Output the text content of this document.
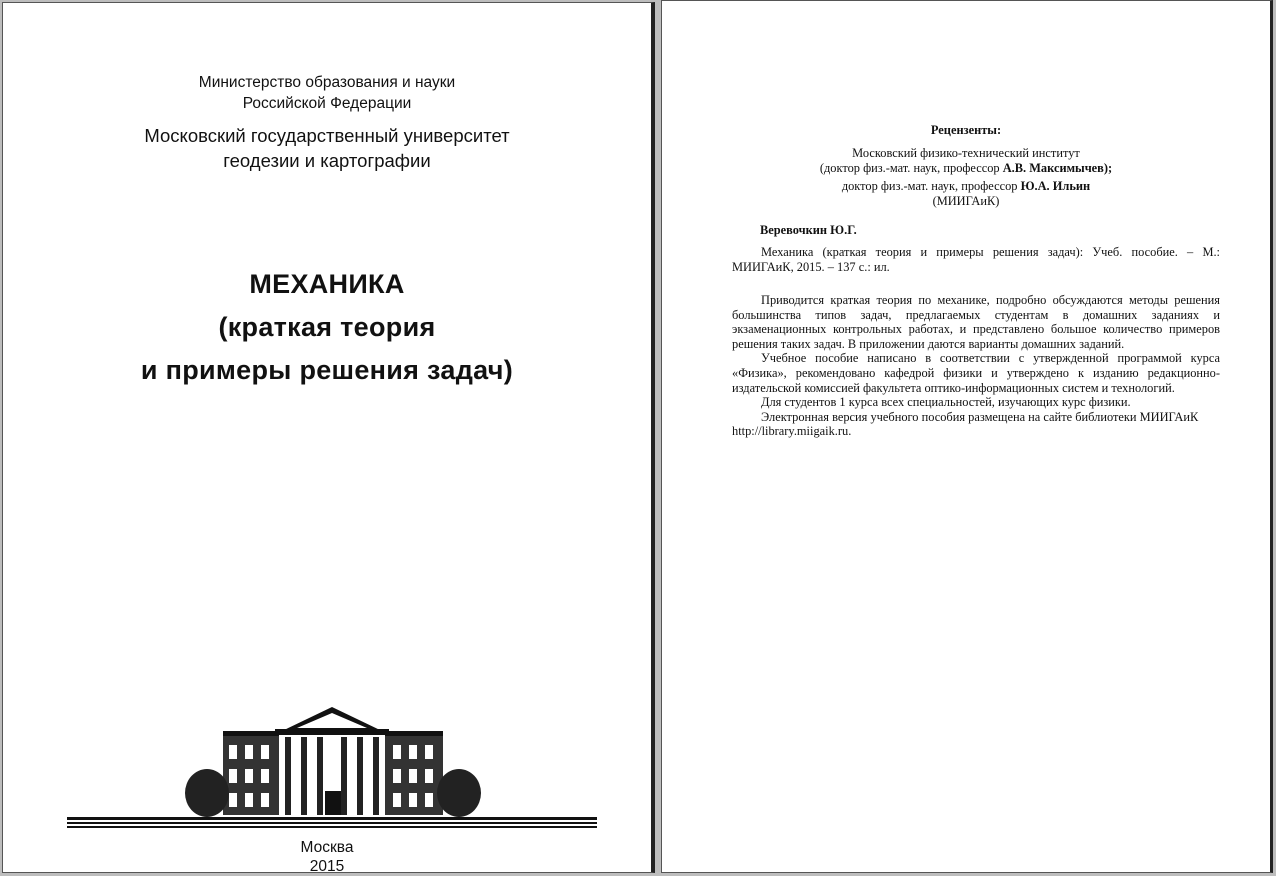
Министерство образования и науки
Российской Федерации
Московский государственный университет
геодезии и картографии
МЕХАНИКА
(краткая теория
и примеры решения задач)
Москва
2015
Рецензенты:
Московский физико-технический институт
(доктор физ.-мат. наук, профессор А.В. Максимычев);
доктор физ.-мат. наук, профессор Ю.А. Ильин
(МИИГАиК)
Веревочкин Ю.Г.

Механика (краткая теория и примеры решения задач): Учеб. пособие. – М.: МИИГАиК, 2015. – 137 с.: ил.

Приводится краткая теория по механике, подробно обсуждаются методы решения большинства типов задач, предлагаемых студентам в домашних заданиях и экзаменационных контрольных работах, и представлено большое количество примеров решения таких задач. В приложении даются варианты домашних заданий.

Учебное пособие написано в соответствии с утвержденной программой курса «Физика», рекомендовано кафедрой физики и утверждено к изданию редакционно-издательской комиссией факультета оптико-информационных систем и технологий.

Для студентов 1 курса всех специальностей, изучающих курс физики.

Электронная версия учебного пособия размещена на сайте библиотеки МИИГАиК http://library.miigaik.ru.
